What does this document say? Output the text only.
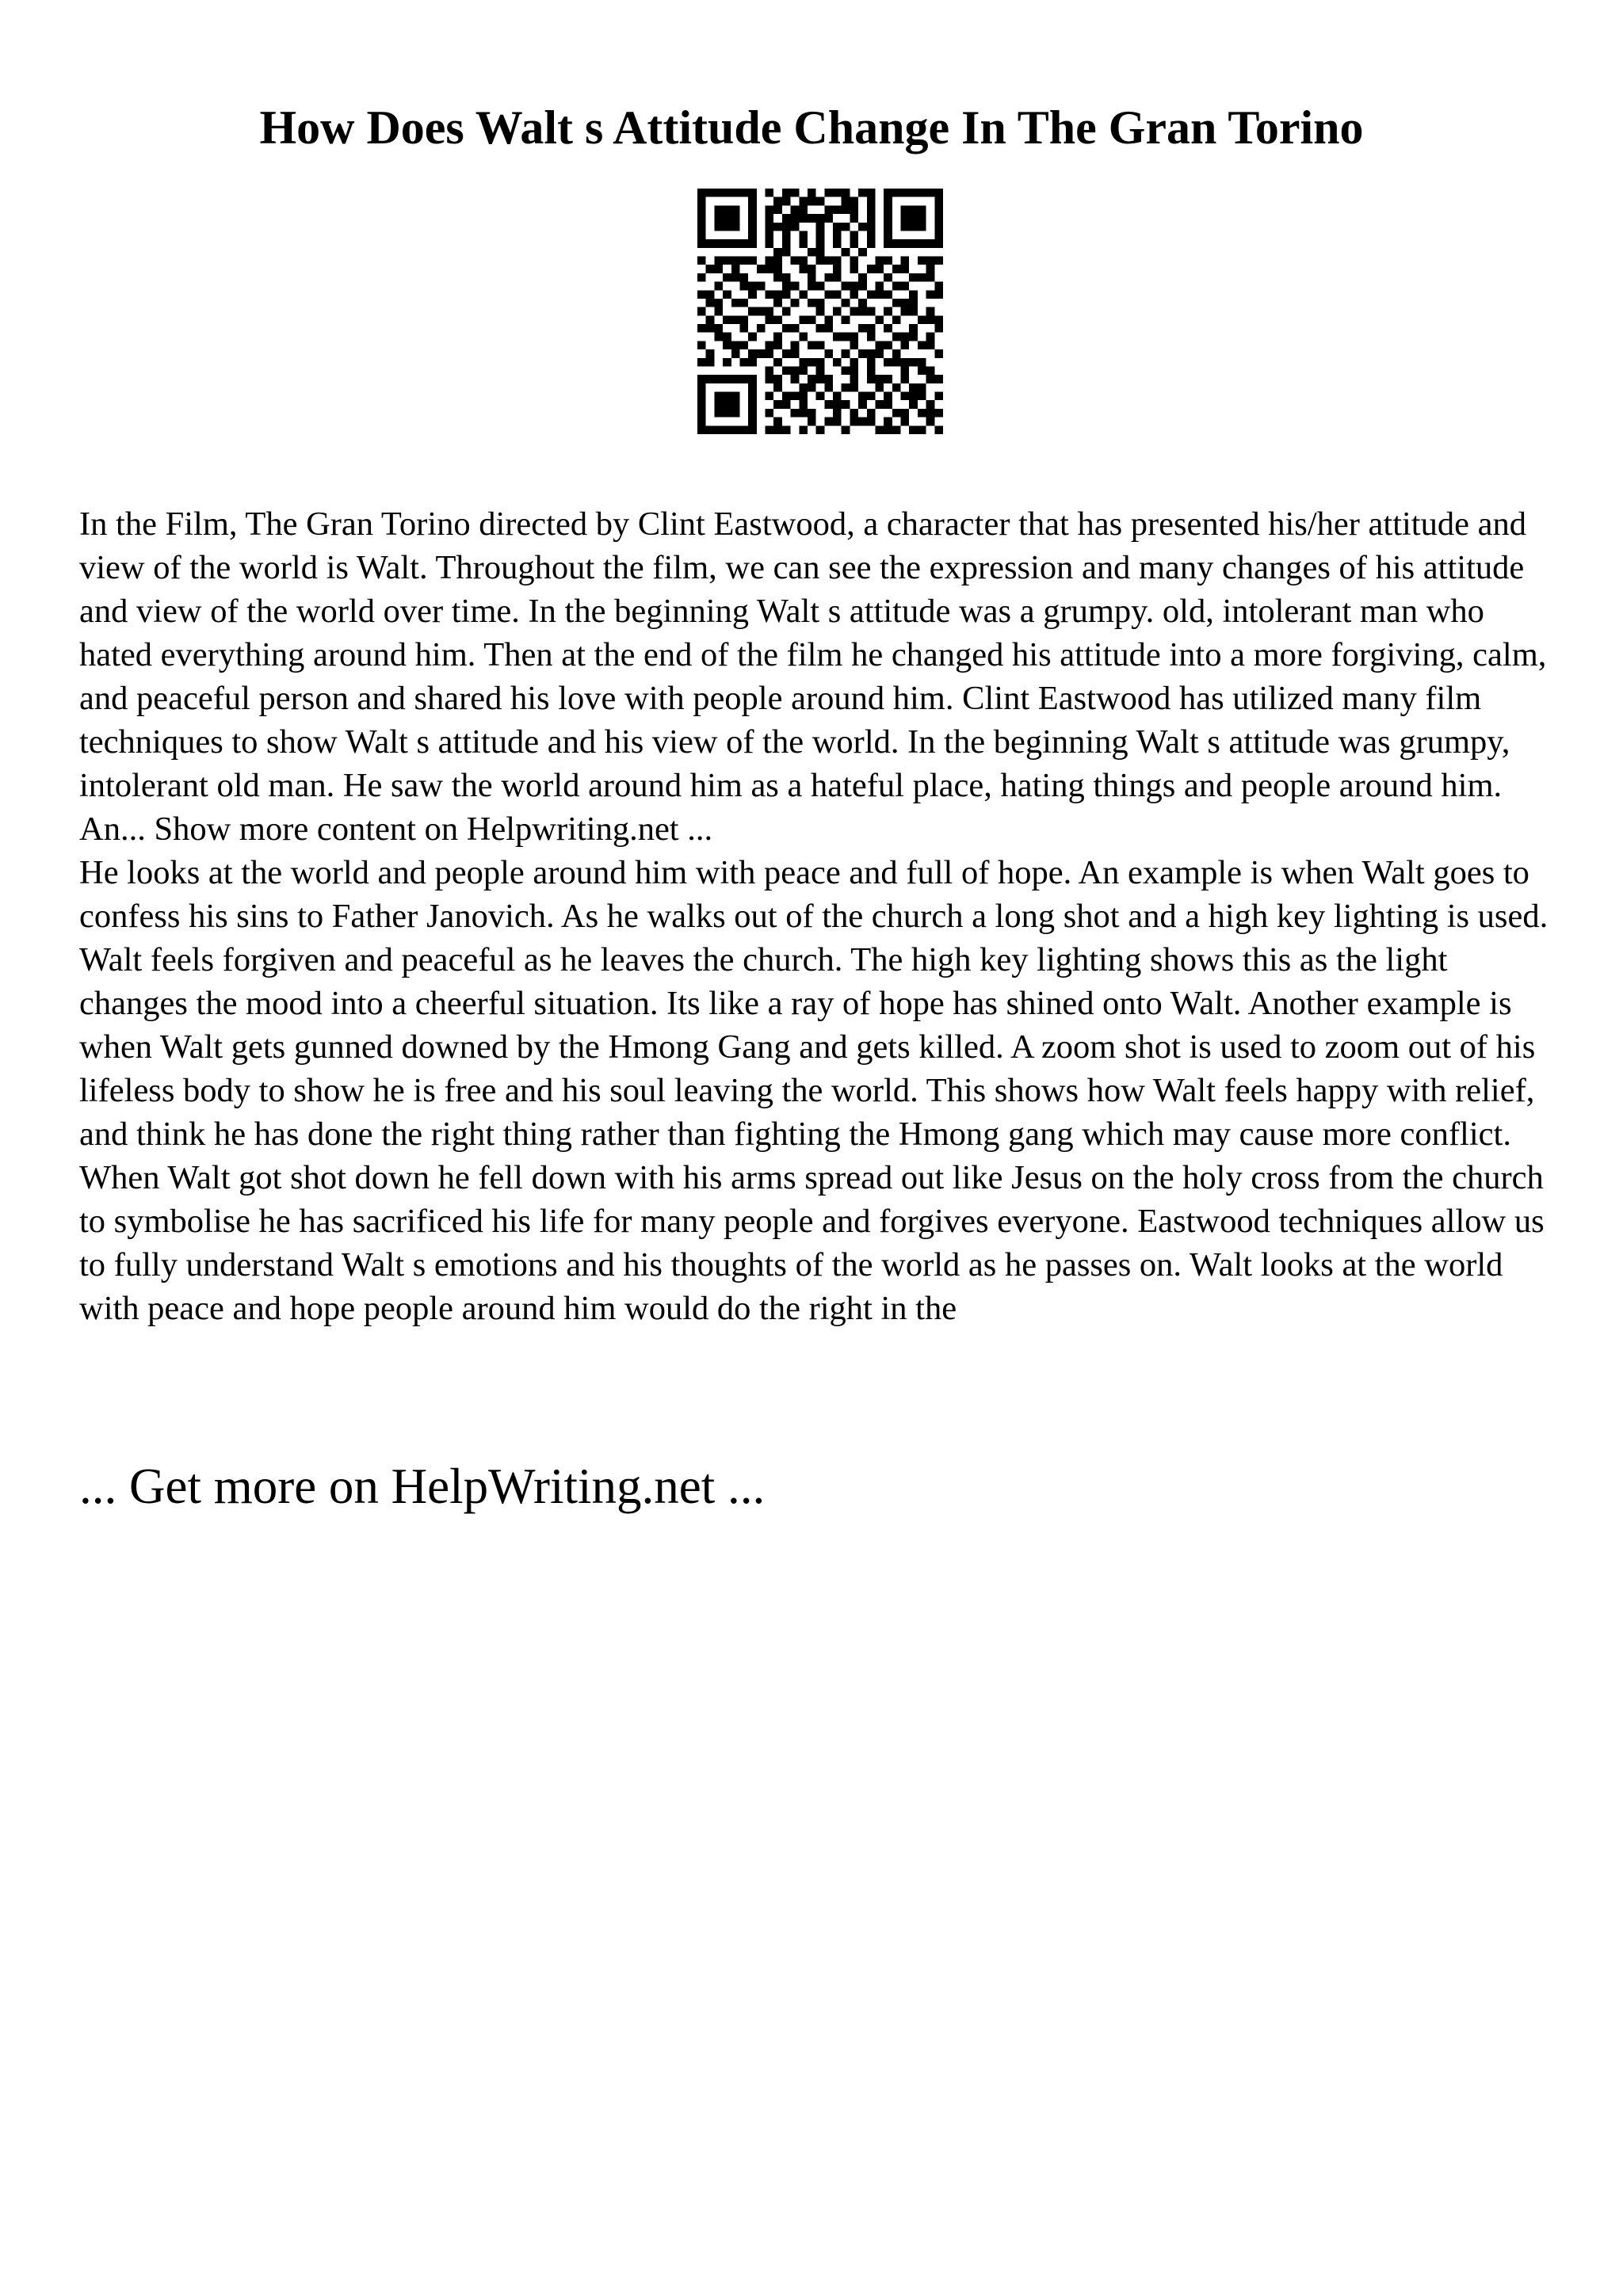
How Does Walt s Attitude Change In The Gran Torino

In the Film, The Gran Torino directed by Clint Eastwood, a character that has presented his/her attitude and view of the world is Walt. Throughout the film, we can see the expression and many changes of his attitude and view of the world over time. In the beginning Walt s attitude was a grumpy. old, intolerant man who hated everything around him. Then at the end of the film he changed his attitude into a more forgiving, calm, and peaceful person and shared his love with people around him. Clint Eastwood has utilized many film techniques to show Walt s attitude and his view of the world. In the beginning Walt s attitude was grumpy, intolerant old man. He saw the world around him as a hateful place, hating things and people around him. An... Show more content on Helpwriting.net ...

He looks at the world and people around him with peace and full of hope. An example is when Walt goes to confess his sins to Father Janovich. As he walks out of the church a long shot and a high key lighting is used. Walt feels forgiven and peaceful as he leaves the church. The high key lighting shows this as the light changes the mood into a cheerful situation. Its like a ray of hope has shined onto Walt. Another example is when Walt gets gunned downed by the Hmong Gang and gets killed. A zoom shot is used to zoom out of his lifeless body to show he is free and his soul leaving the world. This shows how Walt feels happy with relief, and think he has done the right thing rather than fighting the Hmong gang which may cause more conflict. When Walt got shot down he fell down with his arms spread out like Jesus on the holy cross from the church to symbolise he has sacrificed his life for many people and forgives everyone. Eastwood techniques allow us to fully understand Walt s emotions and his thoughts of the world as he passes on. Walt looks at the world with peace and hope people around him would do the right in the

... Get more on HelpWriting.net ...
